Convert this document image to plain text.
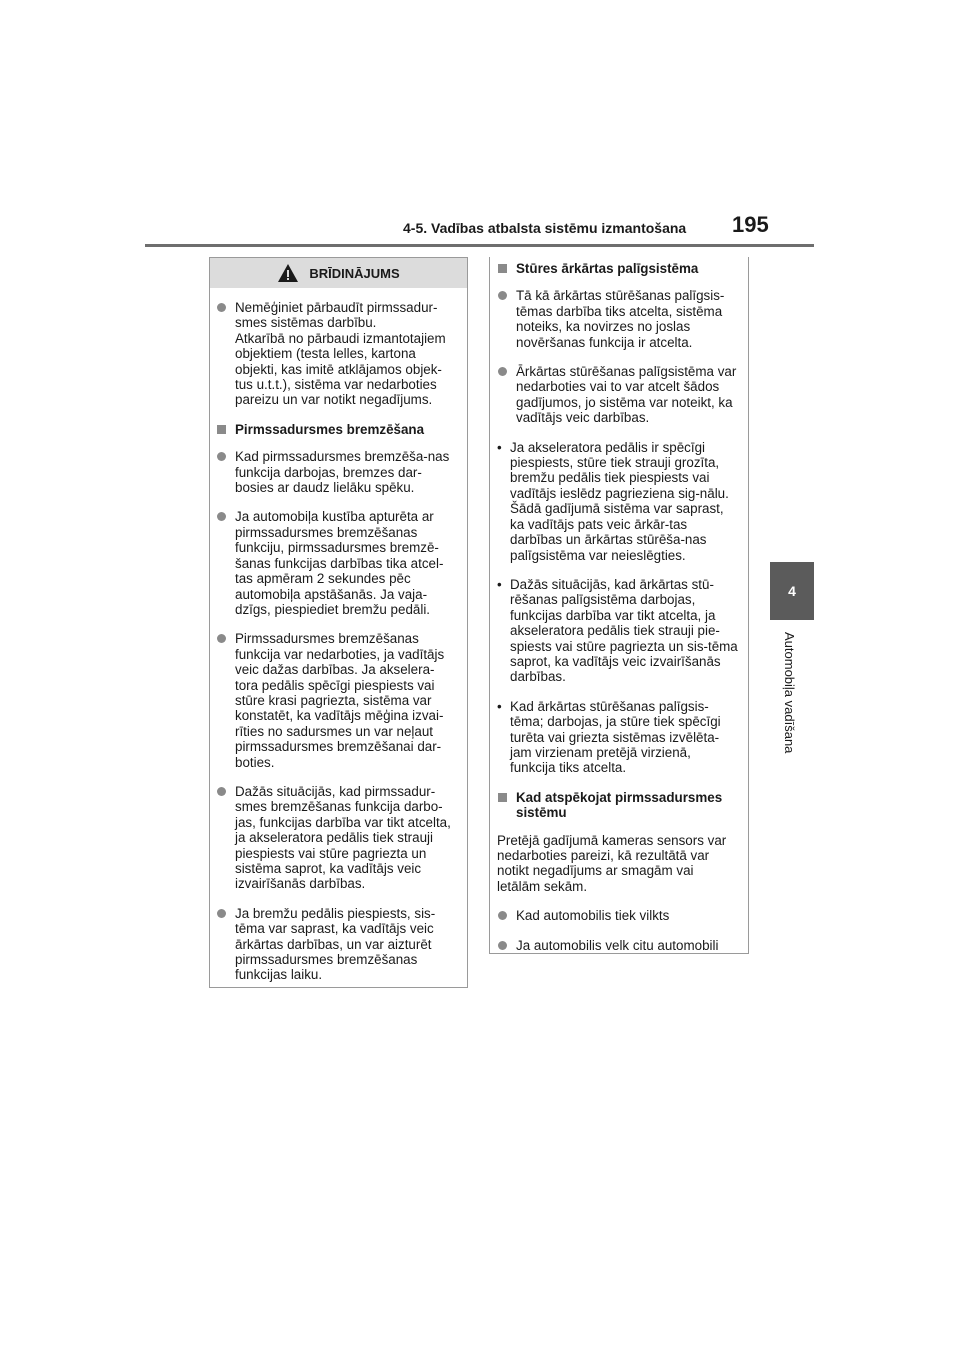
4-5. Vadības atbalsta sistēmu izmantošana 195
4
Automobiļa vadīšana
BRĪDINĀJUMS

Nemēģiniet pārbaudīt pirmssadur-smes sistēmas darbību.

Atkarībā no pārbaudi izmantotajiem objektiem (testa lelles, kartona objekti, kas imitē atklājamos objek-tus u.t.t.), sistēma var nedarboties pareizu un var notikt negadījums.

Pirmssadursmes bremzēšana
Kad pirmssadursmes bremzēša-nas funkcija darbojas, bremzes dar-bosies ar daudz lielāku spēku.
Ja automobiļa kustība apturēta ar pirmssadursmes bremzēšanas funkciju, pirmssadursmes bremzē-šanas funkcijas darbības tika atcel-tas apmēram 2 sekundes pēc automobiļa apstāšanās. Ja vaja-dzīgs, piespiediet bremžu pedāli.
Pirmssadursmes bremzēšanas funkcija var nedarboties, ja vadītājs veic dažas darbības. Ja akselera-tora pedālis spēcīgi piespiests vai stūre krasi pagriezta, sistēma var konstatēt, ka vadītājs mēģina izvai-rīties no sadursmes un var neļaut pirmssadursmes bremzēšanai dar-boties.
Dažās situācijās, kad pirmssadur-smes bremzēšanas funkcija darbo-jas, funkcijas darbība var tikt atcelta, ja akseleratora pedālis tiek strauji piespiests vai stūre pagriezta un sistēma saprot, ka vadītājs veic izvairīšanās darbības.
Ja bremžu pedālis piespiests, sis-tēma var saprast, ka vadītājs veic ārkārtas darbības, un var aizturēt pirmssadursmes bremzēšanas funkcijas laiku.
Stūres ārkārtas palīgsistēma
Tā kā ārkārtas stūrēšanas palīgsis-tēmas darbība tiks atcelta, sistēma noteiks, ka novirzes no joslas novēršanas funkcija ir atcelta.
Ārkārtas stūrēšanas palīgsistēma var nedarboties vai to var atcelt šādos gadījumos, jo sistēma var noteikt, ka vadītājs veic darbības.
• Ja akseleratora pedālis ir spēcīgi piespiests, stūre tiek strauji grozīta, bremžu pedālis tiek piespiests vai vadītājs ieslēdz pagrieziena sig-nālu. Šādā gadījumā sistēma var saprast, ka vadītājs pats veic ārkār-tas darbības un ārkārtas stūrēša-nas palīgsistēma var neieslēgties.
• Dažās situācijās, kad ārkārtas stū-rēšanas palīgsistēma darbojas, funkcijas darbība var tikt atcelta, ja akseleratora pedālis tiek strauji pie-spiests vai stūre pagriezta un sis-tēma saprot, ka vadītājs veic izvairīšanās darbības.
• Kad ārkārtas stūrēšanas palīgsis-tēma; darbojas, ja stūre tiek spēcīgi turēta vai griezta sistēmas izvēlēta-jam virzienam pretējā virzienā, funkcija tiks atcelta.
Kad atspēkojat pirmssadursmes sistēmu
Pretējā gadījumā kameras sensors var nedarboties pareizi, kā rezultātā var notikt negadījums ar smagām vai letālām sekām.
Kad automobilis tiek vilkts
Ja automobilis velk citu automobili
